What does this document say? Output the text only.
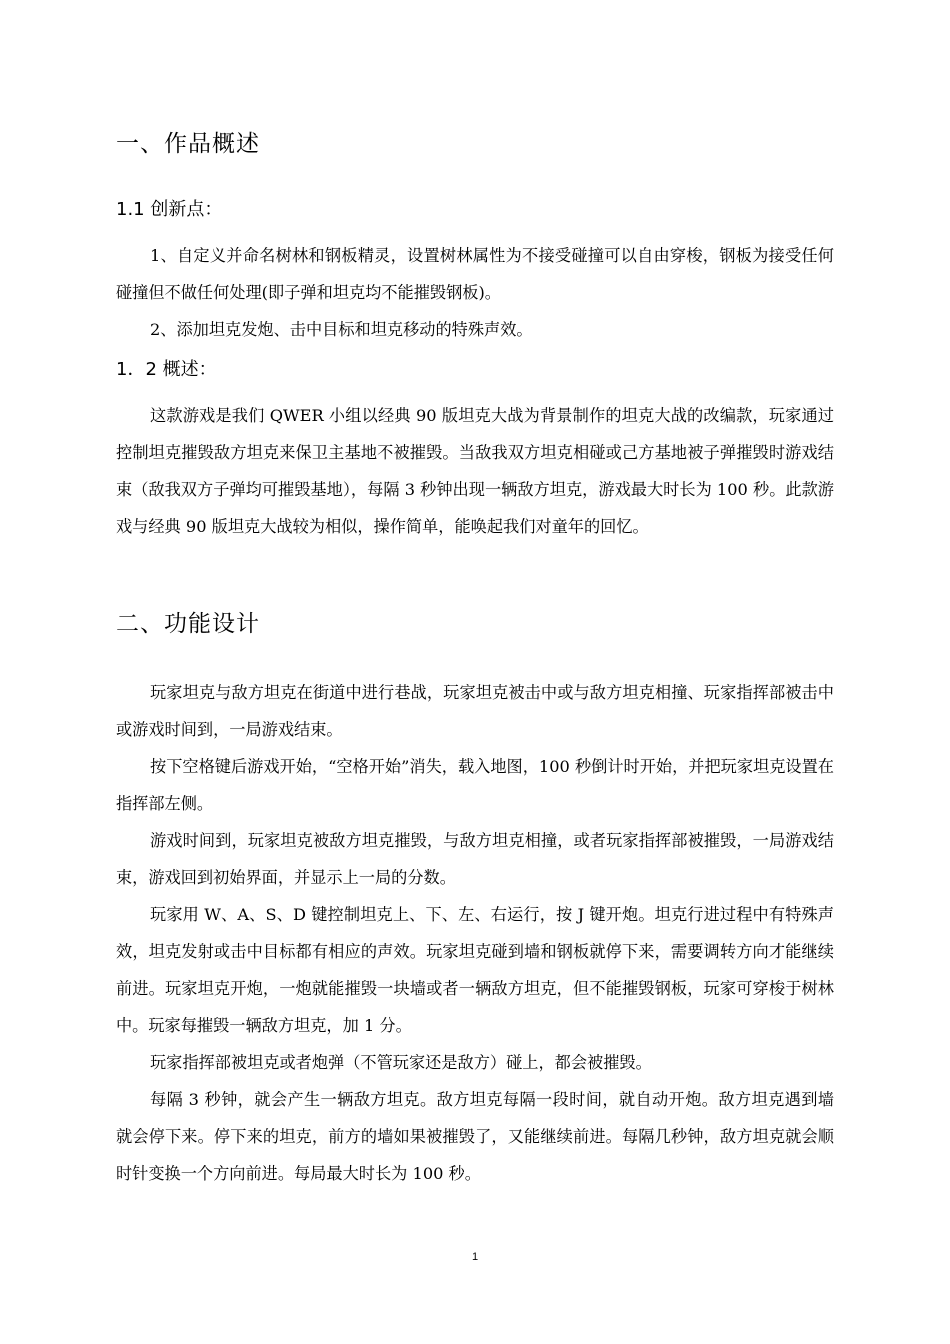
一、作品概述
1.1 创新点：

1、自定义并命名树林和钢板精灵，设置树林属性为不接受碰撞可以自由穿梭，钢板为接受任何碰撞但不做任何处理(即子弹和坦克均不能摧毁钢板)。

2、添加坦克发炮、击中目标和坦克移动的特殊声效。

1．2 概述：

这款游戏是我们 QWER 小组以经典 90 版坦克大战为背景制作的坦克大战的改编款，玩家通过控制坦克摧毁敌方坦克来保卫主基地不被摧毁。当敌我双方坦克相碰或己方基地被子弹摧毁时游戏结束（敌我双方子弹均可摧毁基地），每隔 3 秒钟出现一辆敌方坦克，游戏最大时长为 100 秒。此款游戏与经典 90 版坦克大战较为相似，操作简单，能唤起我们对童年的回忆。

二、功能设计

玩家坦克与敌方坦克在街道中进行巷战，玩家坦克被击中或与敌方坦克相撞、玩家指挥部被击中或游戏时间到，一局游戏结束。

按下空格键后游戏开始，“空格开始”消失，载入地图，100 秒倒计时开始，并把玩家坦克设置在指挥部左侧。

游戏时间到，玩家坦克被敌方坦克摧毁，与敌方坦克相撞，或者玩家指挥部被摧毁，一局游戏结束，游戏回到初始界面，并显示上一局的分数。

玩家用 W、A、S、D 键控制坦克上、下、左、右运行，按 J 键开炮。坦克行进过程中有特殊声效，坦克发射或击中目标都有相应的声效。玩家坦克碰到墙和钢板就停下来，需要调转方向才能继续前进。玩家坦克开炮，一炮就能摧毁一块墙或者一辆敌方坦克，但不能摧毁钢板，玩家可穿梭于树林中。玩家每摧毁一辆敌方坦克，加 1 分。

玩家指挥部被坦克或者炮弹（不管玩家还是敌方）碰上，都会被摧毁。

每隔 3 秒钟，就会产生一辆敌方坦克。敌方坦克每隔一段时间，就自动开炮。敌方坦克遇到墙就会停下来。停下来的坦克，前方的墙如果被摧毁了，又能继续前进。每隔几秒钟，敌方坦克就会顺时针变换一个方向前进。每局最大时长为 100 秒。

1
